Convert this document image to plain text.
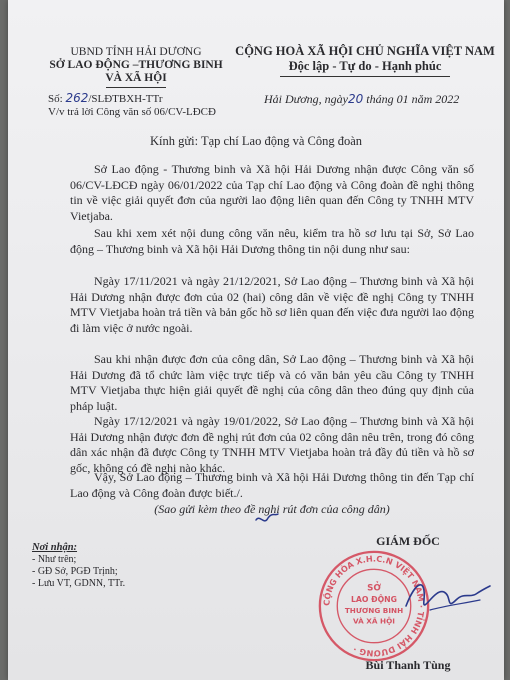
UBND TỈNH HẢI DƯƠNG
SỞ LAO ĐỘNG –THƯƠNG BINH
VÀ XÃ HỘI
CỘNG HOÀ XÃ HỘI CHỦ NGHĨA VIỆT NAM
Độc lập - Tự do - Hạnh phúc
Số: 262/SLĐTBXH-TTr
V/v trả lời Công văn số 06/CV-LĐCĐ
Hải Dương, ngày20 tháng 01 năm 2022
Kính gửi: Tạp chí Lao động và Công đoàn
Sở Lao động - Thương binh và Xã hội Hải Dương nhận được Công văn số 06/CV-LĐCĐ ngày 06/01/2022 của Tạp chí Lao động và Công đoàn đề nghị thông tin về việc giải quyết đơn của người lao động liên quan đến Công ty TNHH MTV Vietjaba.
Sau khi xem xét nội dung công văn nêu, kiểm tra hồ sơ lưu tại Sở, Sở Lao động – Thương binh và Xã hội Hải Dương thông tin nội dung như sau:
Ngày 17/11/2021 và ngày 21/12/2021, Sở Lao động – Thương binh và Xã hội Hải Dương nhận được đơn của 02 (hai) công dân về việc đề nghị Công ty TNHH MTV Vietjaba hoàn trả tiền và bản gốc hồ sơ liên quan đến việc đưa người lao động đi làm việc ở nước ngoài.
Sau khi nhận được đơn của công dân, Sở Lao động – Thương binh và Xã hội Hải Dương đã tổ chức làm việc trực tiếp và có văn bản yêu cầu Công ty TNHH MTV Vietjaba thực hiện giải quyết đề nghị của công dân theo đúng quy định của pháp luật.
Ngày 17/12/2021 và ngày 19/01/2022, Sở Lao động – Thương binh và Xã hội Hải Dương nhận được đơn đề nghị rút đơn của 02 công dân nêu trên, trong đó công dân xác nhận đã được Công ty TNHH MTV Vietjaba hoàn trả đầy đủ tiền và hồ sơ gốc, không có đề nghị nào khác.
Vậy, Sở Lao động – Thương binh và Xã hội Hải Dương thông tin đến Tạp chí Lao động và Công đoàn được biết./.
(Sao gửi kèm theo đề nghị rút đơn của công dân)
Nơi nhận:
- Như trên;
- GĐ Sở, PGĐ Trịnh;
- Lưu VT, GDNN, TTr.
GIÁM ĐỐC
CỘNG HÒA X.H.C.N VIỆT NAM · TỈNH HẢI DƯƠNG ·
SỞ
LAO ĐỘNG
THƯƠNG BINH
VÀ XÃ HỘI
Bùi Thanh Tùng
